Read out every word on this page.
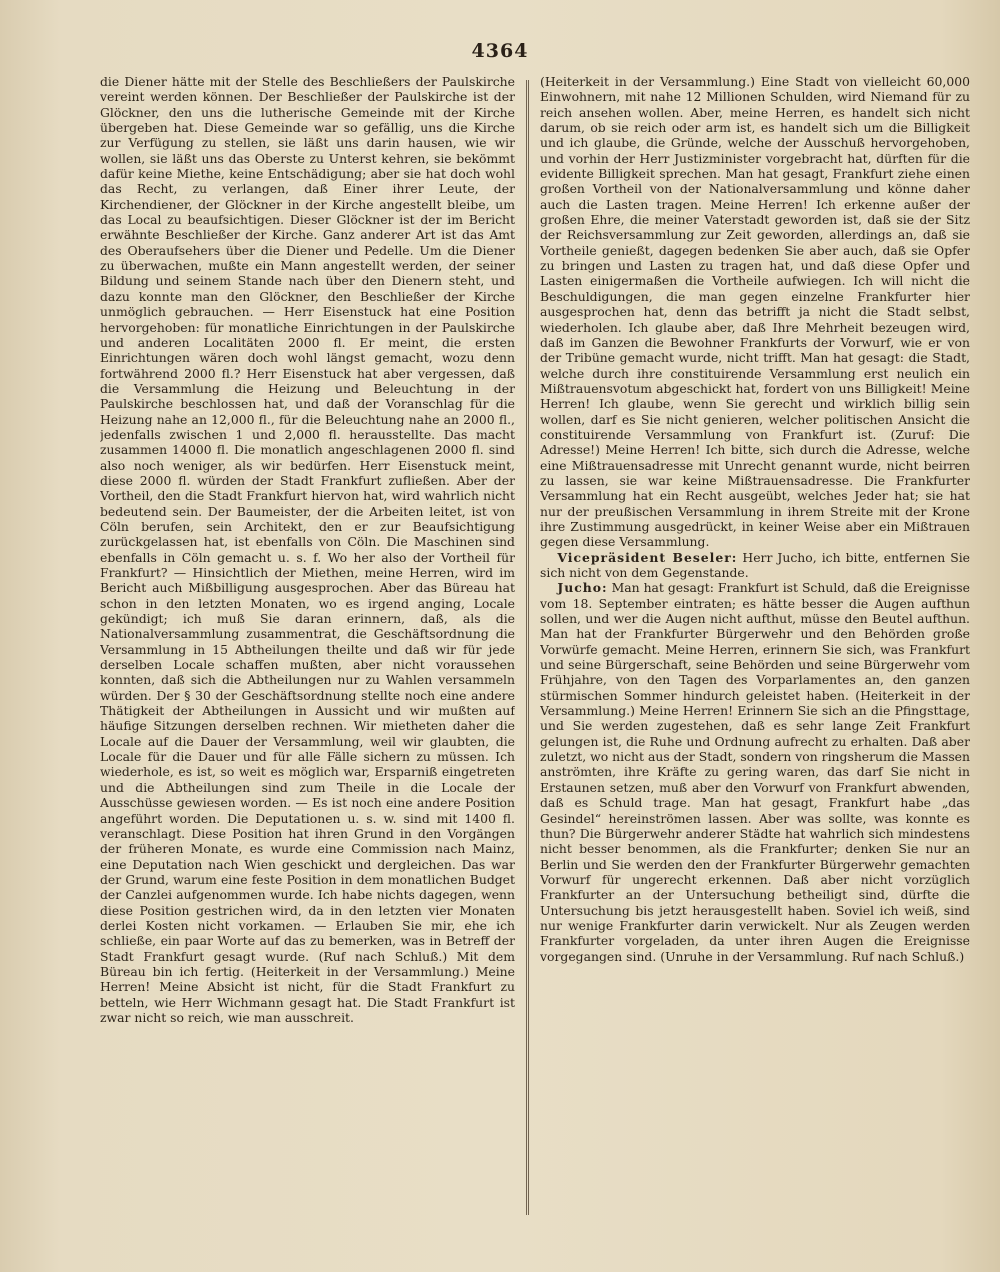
4364

die Diener hätte mit der Stelle des Beschließers der Paulskirche vereint werden können. Der Beschließer der Paulskirche ist der Glöckner, den uns die lutherische Gemeinde mit der Kirche übergeben hat. Diese Gemeinde war so gefällig, uns die Kirche zur Verfügung zu stellen, sie läßt uns darin hausen, wie wir wollen, sie läßt uns das Oberste zu Unterst kehren, sie bekömmt dafür keine Miethe, keine Entschädigung; aber sie hat doch wohl das Recht, zu verlangen, daß Einer ihrer Leute, der Kirchendiener, der Glöckner in der Kirche angestellt bleibe, um das Local zu beaufsichtigen. Dieser Glöckner ist der im Bericht erwähnte Beschließer der Kirche. Ganz anderer Art ist das Amt des Oberaufsehers über die Diener und Pedelle. Um die Diener zu überwachen, mußte ein Mann angestellt werden, der seiner Bildung und seinem Stande nach über den Dienern steht, und dazu konnte man den Glöckner, den Beschließer der Kirche unmöglich gebrauchen. — Herr Eisenstuck hat eine Position hervorgehoben: für monatliche Einrichtungen in der Paulskirche und anderen Localitäten 2000 fl. Er meint, die ersten Einrichtungen wären doch wohl längst gemacht, wozu denn fortwährend 2000 fl.? Herr Eisenstuck hat aber vergessen, daß die Versammlung die Heizung und Beleuchtung in der Paulskirche beschlossen hat, und daß der Voranschlag für die Heizung nahe an 12,000 fl., für die Beleuchtung nahe an 2000 fl., jedenfalls zwischen 1 und 2,000 fl. herausstellte. Das macht zusammen 14000 fl. Die monatlich angeschlagenen 2000 fl. sind also noch weniger, als wir bedürfen. Herr Eisenstuck meint, diese 2000 fl. würden der Stadt Frankfurt zufließen. Aber der Vortheil, den die Stadt Frankfurt hiervon hat, wird wahrlich nicht bedeutend sein. Der Baumeister, der die Arbeiten leitet, ist von Cöln berufen, sein Architekt, den er zur Beaufsichtigung zurückgelassen hat, ist ebenfalls von Cöln. Die Maschinen sind ebenfalls in Cöln gemacht u. s. f. Wo her also der Vortheil für Frankfurt? — Hinsichtlich der Miethen, meine Herren, wird im Bericht auch Mißbilligung ausgesprochen. Aber das Büreau hat schon in den letzten Monaten, wo es irgend anging, Locale gekündigt; ich muß Sie daran erinnern, daß, als die Nationalversammlung zusammentrat, die Geschäftsordnung die Versammlung in 15 Abtheilungen theilte und daß wir für jede derselben Locale schaffen mußten, aber nicht voraussehen konnten, daß sich die Abtheilungen nur zu Wahlen versammeln würden. Der § 30 der Geschäftsordnung stellte noch eine andere Thätigkeit der Abtheilungen in Aussicht und wir mußten auf häufige Sitzungen derselben rechnen. Wir mietheten daher die Locale auf die Dauer der Versammlung, weil wir glaubten, die Locale für die Dauer und für alle Fälle sichern zu müssen. Ich wiederhole, es ist, so weit es möglich war, Ersparniß eingetreten und die Abtheilungen sind zum Theile in die Locale der Ausschüsse gewiesen worden. — Es ist noch eine andere Position angeführt worden. Die Deputationen u. s. w. sind mit 1400 fl. veranschlagt. Diese Position hat ihren Grund in den Vorgängen der früheren Monate, es wurde eine Commission nach Mainz, eine Deputation nach Wien geschickt und dergleichen. Das war der Grund, warum eine feste Position in dem monatlichen Budget der Canzlei aufgenommen wurde. Ich habe nichts dagegen, wenn diese Position gestrichen wird, da in den letzten vier Monaten derlei Kosten nicht vorkamen. — Erlauben Sie mir, ehe ich schließe, ein paar Worte auf das zu bemerken, was in Betreff der Stadt Frankfurt gesagt wurde. (Ruf nach Schluß.) Mit dem Büreau bin ich fertig. (Heiterkeit in der Versammlung.) Meine Herren! Meine Absicht ist nicht, für die Stadt Frankfurt zu betteln, wie Herr Wichmann gesagt hat. Die Stadt Frankfurt ist zwar nicht so reich, wie man ausschreit.

(Heiterkeit in der Versammlung.) Eine Stadt von vielleicht 60,000 Einwohnern, mit nahe 12 Millionen Schulden, wird Niemand für zu reich ansehen wollen. Aber, meine Herren, es handelt sich nicht darum, ob sie reich oder arm ist, es handelt sich um die Billigkeit und ich glaube, die Gründe, welche der Ausschuß hervorgehoben, und vorhin der Herr Justizminister vorgebracht hat, dürften für die evidente Billigkeit sprechen. Man hat gesagt, Frankfurt ziehe einen großen Vortheil von der Nationalversammlung und könne daher auch die Lasten tragen. Meine Herren! Ich erkenne außer der großen Ehre, die meiner Vaterstadt geworden ist, daß sie der Sitz der Reichsversammlung zur Zeit geworden, allerdings an, daß sie Vortheile genießt, dagegen bedenken Sie aber auch, daß sie Opfer zu bringen und Lasten zu tragen hat, und daß diese Opfer und Lasten einigermaßen die Vortheile aufwiegen. Ich will nicht die Beschuldigungen, die man gegen einzelne Frankfurter hier ausgesprochen hat, denn das betrifft ja nicht die Stadt selbst, wiederholen. Ich glaube aber, daß Ihre Mehrheit bezeugen wird, daß im Ganzen die Bewohner Frankfurts der Vorwurf, wie er von der Tribüne gemacht wurde, nicht trifft. Man hat gesagt: die Stadt, welche durch ihre constituirende Versammlung erst neulich ein Mißtrauensvotum abgeschickt hat, fordert von uns Billigkeit! Meine Herren! Ich glaube, wenn Sie gerecht und wirklich billig sein wollen, darf es Sie nicht genieren, welcher politischen Ansicht die constituirende Versammlung von Frankfurt ist. (Zuruf: Die Adresse!) Meine Herren! Ich bitte, sich durch die Adresse, welche eine Mißtrauensadresse mit Unrecht genannt wurde, nicht beirren zu lassen, sie war keine Mißtrauensadresse. Die Frankfurter Versammlung hat ein Recht ausgeübt, welches Jeder hat; sie hat nur der preußischen Versammlung in ihrem Streite mit der Krone ihre Zustimmung ausgedrückt, in keiner Weise aber ein Mißtrauen gegen diese Versammlung.

Vicepräsident Beseler: Herr Jucho, ich bitte, entfernen Sie sich nicht von dem Gegenstande.

Jucho: Man hat gesagt: Frankfurt ist Schuld, daß die Ereignisse vom 18. September eintraten; es hätte besser die Augen aufthun sollen, und wer die Augen nicht aufthut, müsse den Beutel aufthun. Man hat der Frankfurter Bürgerwehr und den Behörden große Vorwürfe gemacht. Meine Herren, erinnern Sie sich, was Frankfurt und seine Bürgerschaft, seine Behörden und seine Bürgerwehr vom Frühjahre, von den Tagen des Vorparlamentes an, den ganzen stürmischen Sommer hindurch geleistet haben. (Heiterkeit in der Versammlung.) Meine Herren! Erinnern Sie sich an die Pfingsttage, und Sie werden zugestehen, daß es sehr lange Zeit Frankfurt gelungen ist, die Ruhe und Ordnung aufrecht zu erhalten. Daß aber zuletzt, wo nicht aus der Stadt, sondern von ringsherum die Massen anströmten, ihre Kräfte zu gering waren, das darf Sie nicht in Erstaunen setzen, muß aber den Vorwurf von Frankfurt abwenden, daß es Schuld trage. Man hat gesagt, Frankfurt habe „das Gesindel“ hereinströmen lassen. Aber was sollte, was konnte es thun? Die Bürgerwehr anderer Städte hat wahrlich sich mindestens nicht besser benommen, als die Frankfurter; denken Sie nur an Berlin und Sie werden den der Frankfurter Bürgerwehr gemachten Vorwurf für ungerecht erkennen. Daß aber nicht vorzüglich Frankfurter an der Untersuchung betheiligt sind, dürfte die Untersuchung bis jetzt herausgestellt haben. Soviel ich weiß, sind nur wenige Frankfurter darin verwickelt. Nur als Zeugen werden Frankfurter vorgeladen, da unter ihren Augen die Ereignisse vorgegangen sind. (Unruhe in der Versammlung. Ruf nach Schluß.)
